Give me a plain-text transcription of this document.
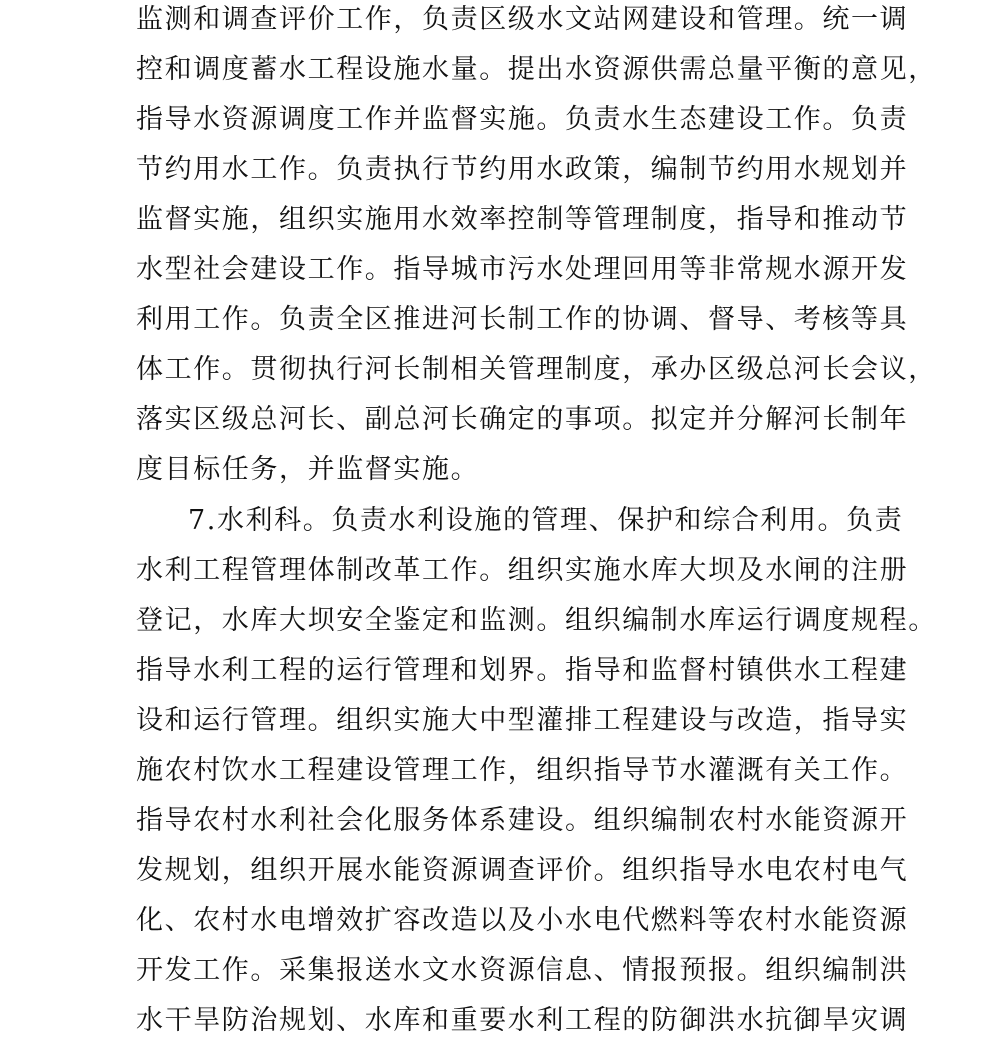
监测和调查评价工作，负责区级水文站网建设和管理。统一调
控和调度蓄水工程设施水量。提出水资源供需总量平衡的意见，
指导水资源调度工作并监督实施。负责水生态建设工作。负责
节约用水工作。负责执行节约用水政策，编制节约用水规划并
监督实施，组织实施用水效率控制等管理制度，指导和推动节
水型社会建设工作。指导城市污水处理回用等非常规水源开发
利用工作。负责全区推进河长制工作的协调、督导、考核等具
体工作。贯彻执行河长制相关管理制度，承办区级总河长会议，
落实区级总河长、副总河长确定的事项。拟定并分解河长制年
度目标任务，并监督实施。
7.水利科。负责水利设施的管理、保护和综合利用。负责
水利工程管理体制改革工作。组织实施水库大坝及水闸的注册
登记，水库大坝安全鉴定和监测。组织编制水库运行调度规程。
指导水利工程的运行管理和划界。指导和监督村镇供水工程建
设和运行管理。组织实施大中型灌排工程建设与改造，指导实
施农村饮水工程建设管理工作，组织指导节水灌溉有关工作。
指导农村水利社会化服务体系建设。组织编制农村水能资源开
发规划，组织开展水能资源调查评价。组织指导水电农村电气
化、农村水电增效扩容改造以及小水电代燃料等农村水能资源
开发工作。采集报送水文水资源信息、情报预报。组织编制洪
水干旱防治规划、水库和重要水利工程的防御洪水抗御旱灾调
